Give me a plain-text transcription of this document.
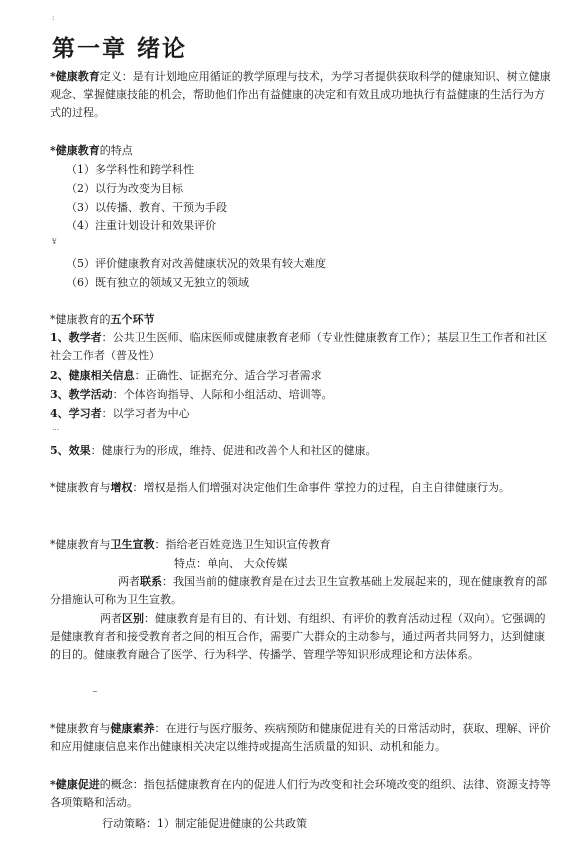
:
第一章 绪论
*健康教育定义：是有计划地应用循证的教学原理与技术，为学习者提供获取科学的健康知识、树立健康观念、掌握健康技能的机会，帮助他们作出有益健康的决定和有效且成功地执行有益健康的生活行为方式的过程。
*健康教育的特点
（1）多学科性和跨学科性
（2）以行为改变为目标
（3）以传播、教育、干预为手段
（4）注重计划设计和效果评价
¥
（5）评价健康教育对改善健康状况的效果有较大难度
（6）既有独立的领域又无独立的领域
*健康教育的五个环节
1、教学者：公共卫生医师、临床医师或健康教育老师（专业性健康教育工作）；基层卫生工作者和社区社会工作者（普及性）
2、健康相关信息：正确性、证据充分、适合学习者需求
3、教学活动：个体咨询指导、人际和小组活动、培训等。
4、学习者：以学习者为中心
…
5、效果：健康行为的形成，维持、促进和改善个人和社区的健康。
*健康教育与增权：增权是指人们增强对决定他们生命事件 掌控力的过程，自主自律健康行为。
*健康教育与卫生宣教：指给老百姓竞选卫生知识宣传教育
特点：单向、 大众传媒
两者联系：我国当前的健康教育是在过去卫生宣教基础上发展起来的，现在健康教育的部分措施认可称为卫生宣教。
两者区别：健康教育是有目的、有计划、有组织、有评价的教育活动过程（双向）。它强调的是健康教育者和接受教育者之间的相互合作，需要广大群众的主动参与，通过两者共同努力，达到健康的目的。健康教育融合了医学、行为科学、传播学、管理学等知识形成理论和方法体系。
~
*健康教育与健康素养：在进行与医疗服务、疾病预防和健康促进有关的日常活动时，获取、理解、评价和应用健康信息来作出健康相关决定以维持或提高生活质量的知识、动机和能力。
*健康促进的概念：指包括健康教育在内的促进人们行为改变和社会环境改变的组织、法律、资源支持等各项策略和活动。
行动策略：1）制定能促进健康的公共政策
